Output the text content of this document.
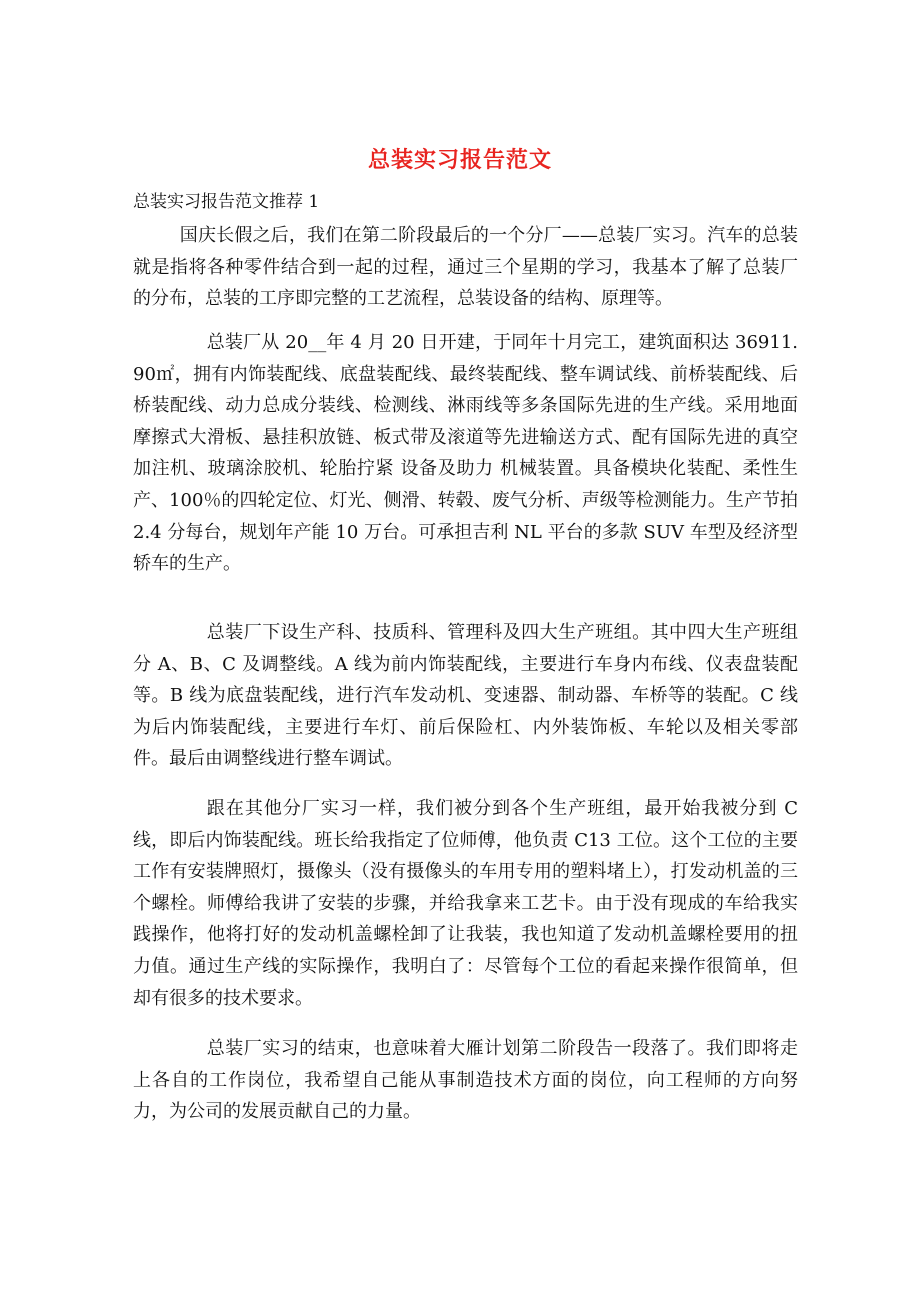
总装实习报告范文
总装实习报告范文推荐 1

国庆长假之后，我们在第二阶段最后的一个分厂——总装厂实习。汽车的总装就是指将各种零件结合到一起的过程，通过三个星期的学习，我基本了解了总装厂的分布，总装的工序即完整的工艺流程，总装设备的结构、原理等。

总装厂从 20__年 4 月 20 日开建，于同年十月完工，建筑面积达 36911.90㎡，拥有内饰装配线、底盘装配线、最终装配线、整车调试线、前桥装配线、后桥装配线、动力总成分装线、检测线、淋雨线等多条国际先进的生产线。采用地面摩擦式大滑板、悬挂积放链、板式带及滚道等先进输送方式、配有国际先进的真空加注机、玻璃涂胶机、轮胎拧紧 设备及助力 机械装置。具备模块化装配、柔性生产、100％的四轮定位、灯光、侧滑、转毂、废气分析、声级等检测能力。生产节拍 2.4 分每台，规划年产能 10 万台。可承担吉利 NL 平台的多款 SUV 车型及经济型轿车的生产。

总装厂下设生产科、技质科、管理科及四大生产班组。其中四大生产班组分 A、B、C 及调整线。A 线为前内饰装配线，主要进行车身内布线、仪表盘装配等。B 线为底盘装配线，进行汽车发动机、变速器、制动器、车桥等的装配。C 线为后内饰装配线，主要进行车灯、前后保险杠、内外装饰板、车轮以及相关零部件。最后由调整线进行整车调试。

跟在其他分厂实习一样，我们被分到各个生产班组，最开始我被分到 C 线，即后内饰装配线。班长给我指定了位师傅，他负责 C13 工位。这个工位的主要工作有安装牌照灯，摄像头（没有摄像头的车用专用的塑料堵上），打发动机盖的三个螺栓。师傅给我讲了安装的步骤，并给我拿来工艺卡。由于没有现成的车给我实践操作，他将打好的发动机盖螺栓卸了让我装，我也知道了发动机盖螺栓要用的扭力值。通过生产线的实际操作，我明白了：尽管每个工位的看起来操作很简单，但却有很多的技术要求。

总装厂实习的结束，也意味着大雁计划第二阶段告一段落了。我们即将走上各自的工作岗位，我希望自己能从事制造技术方面的岗位，向工程师的方向努力，为公司的发展贡献自己的力量。
